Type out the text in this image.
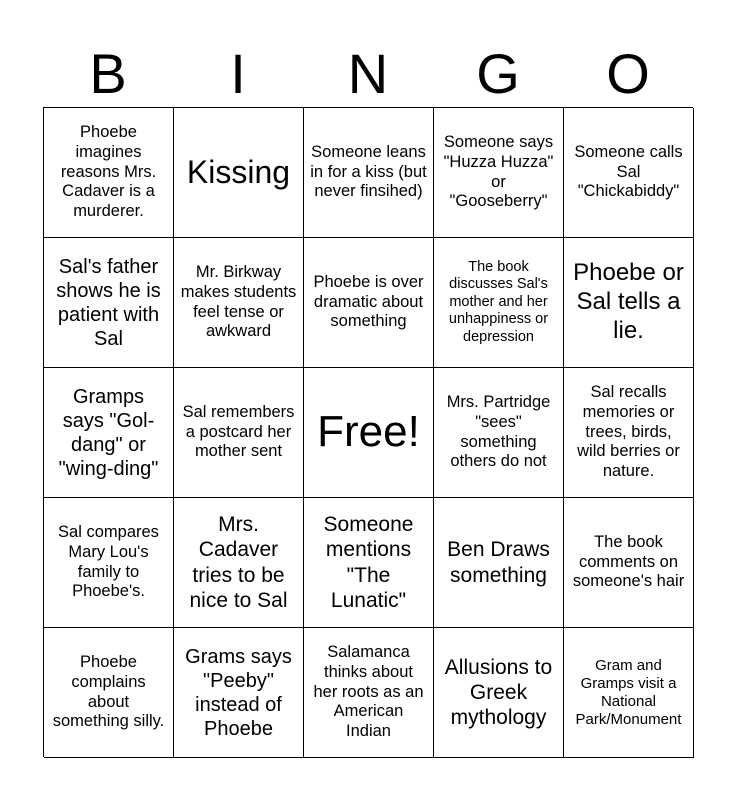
B	I	N	G	O
Phoebe imagines reasons Mrs. Cadaver is a murderer.
Kissing
Someone leans in for a kiss (but never finsihed)
Someone says "Huzza Huzza" or "Gooseberry"
Someone calls Sal "Chickabiddy"
Sal's father shows he is patient with Sal
Mr. Birkway makes students feel tense or awkward
Phoebe is over dramatic about something
The book discusses Sal's mother and her unhappiness or depression
Phoebe or Sal tells a lie.
Gramps says "Gol-dang" or "wing-ding"
Sal remembers a postcard her mother sent Free!
Mrs. Partridge "sees" something others do not
Sal recalls memories or trees, birds, wild berries or nature.
Sal compares Mary Lou's family to Phoebe's.
Mrs. Cadaver tries to be nice to Sal
Someone mentions "The Lunatic"
Ben Draws something
The book comments on someone's hair
Phoebe complains about something silly.
Grams says "Peeby" instead of Phoebe
Salamanca thinks about her roots as an American Indian
Allusions to Greek mythology
Gram and Gramps visit a National Park/Monument
